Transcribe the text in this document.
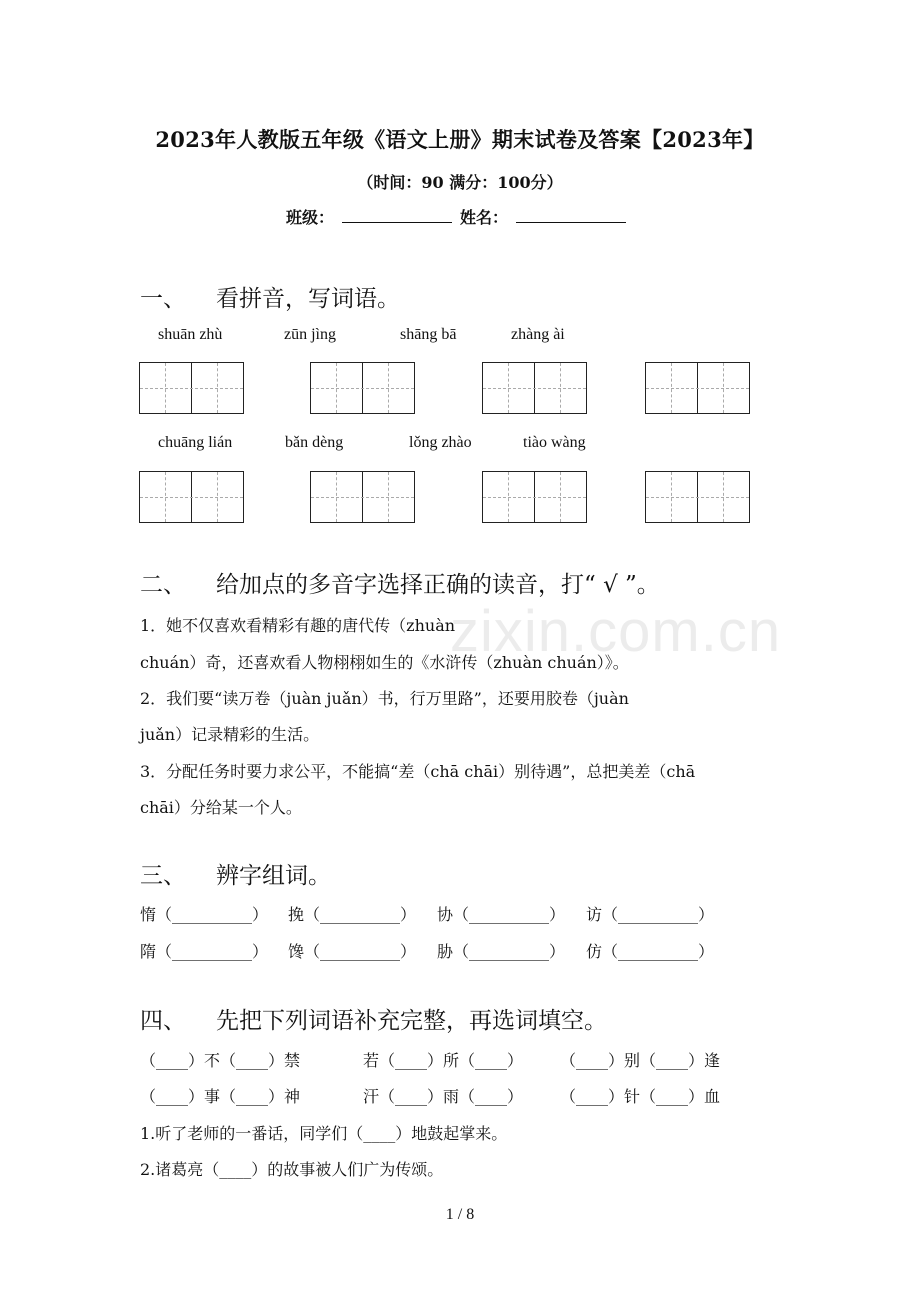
2023年人教版五年级《语文上册》期末试卷及答案【2023年】
（时间：90 满分：100分）
班级：	姓名：
zixin.com.cn
一、 看拼音，写词语。
shuān zhù	zūn jìng	shāng bā	zhàng ài
chuāng lián	bǎn dèng	lǒng zhào	tiào wàng
二、 给加点的多音字选择正确的读音，打“ √ ”。
1．她不仅喜欢看精彩有趣的唐代传（zhuàn
chuán）奇，还喜欢看人物栩栩如生的《水浒传（zhuàn chuán）》。
2．我们要“读万卷（juàn juǎn）书，行万里路”，还要用胶卷（juàn
juǎn）记录精彩的生活。
3．分配任务时要力求公平，不能搞“差（chā chāi）别待遇”，总把美差（chā
chāi）分给某一个人。
三、 辨字组词。
惰（__________） 挽（__________） 协（__________） 访（__________）
隋（__________） 馋（__________） 胁（__________） 仿（__________）
四、 先把下列词语补充完整，再选词填空。
（____）不（____）禁	若（____）所（____） （____）别（____）逢
（____）事（____）神	汗（____）雨（____） （____）针（____）血
1.听了老师的一番话，同学们（____）地鼓起掌来。
2.诸葛亮（____）的故事被人们广为传颂。
1 / 8
